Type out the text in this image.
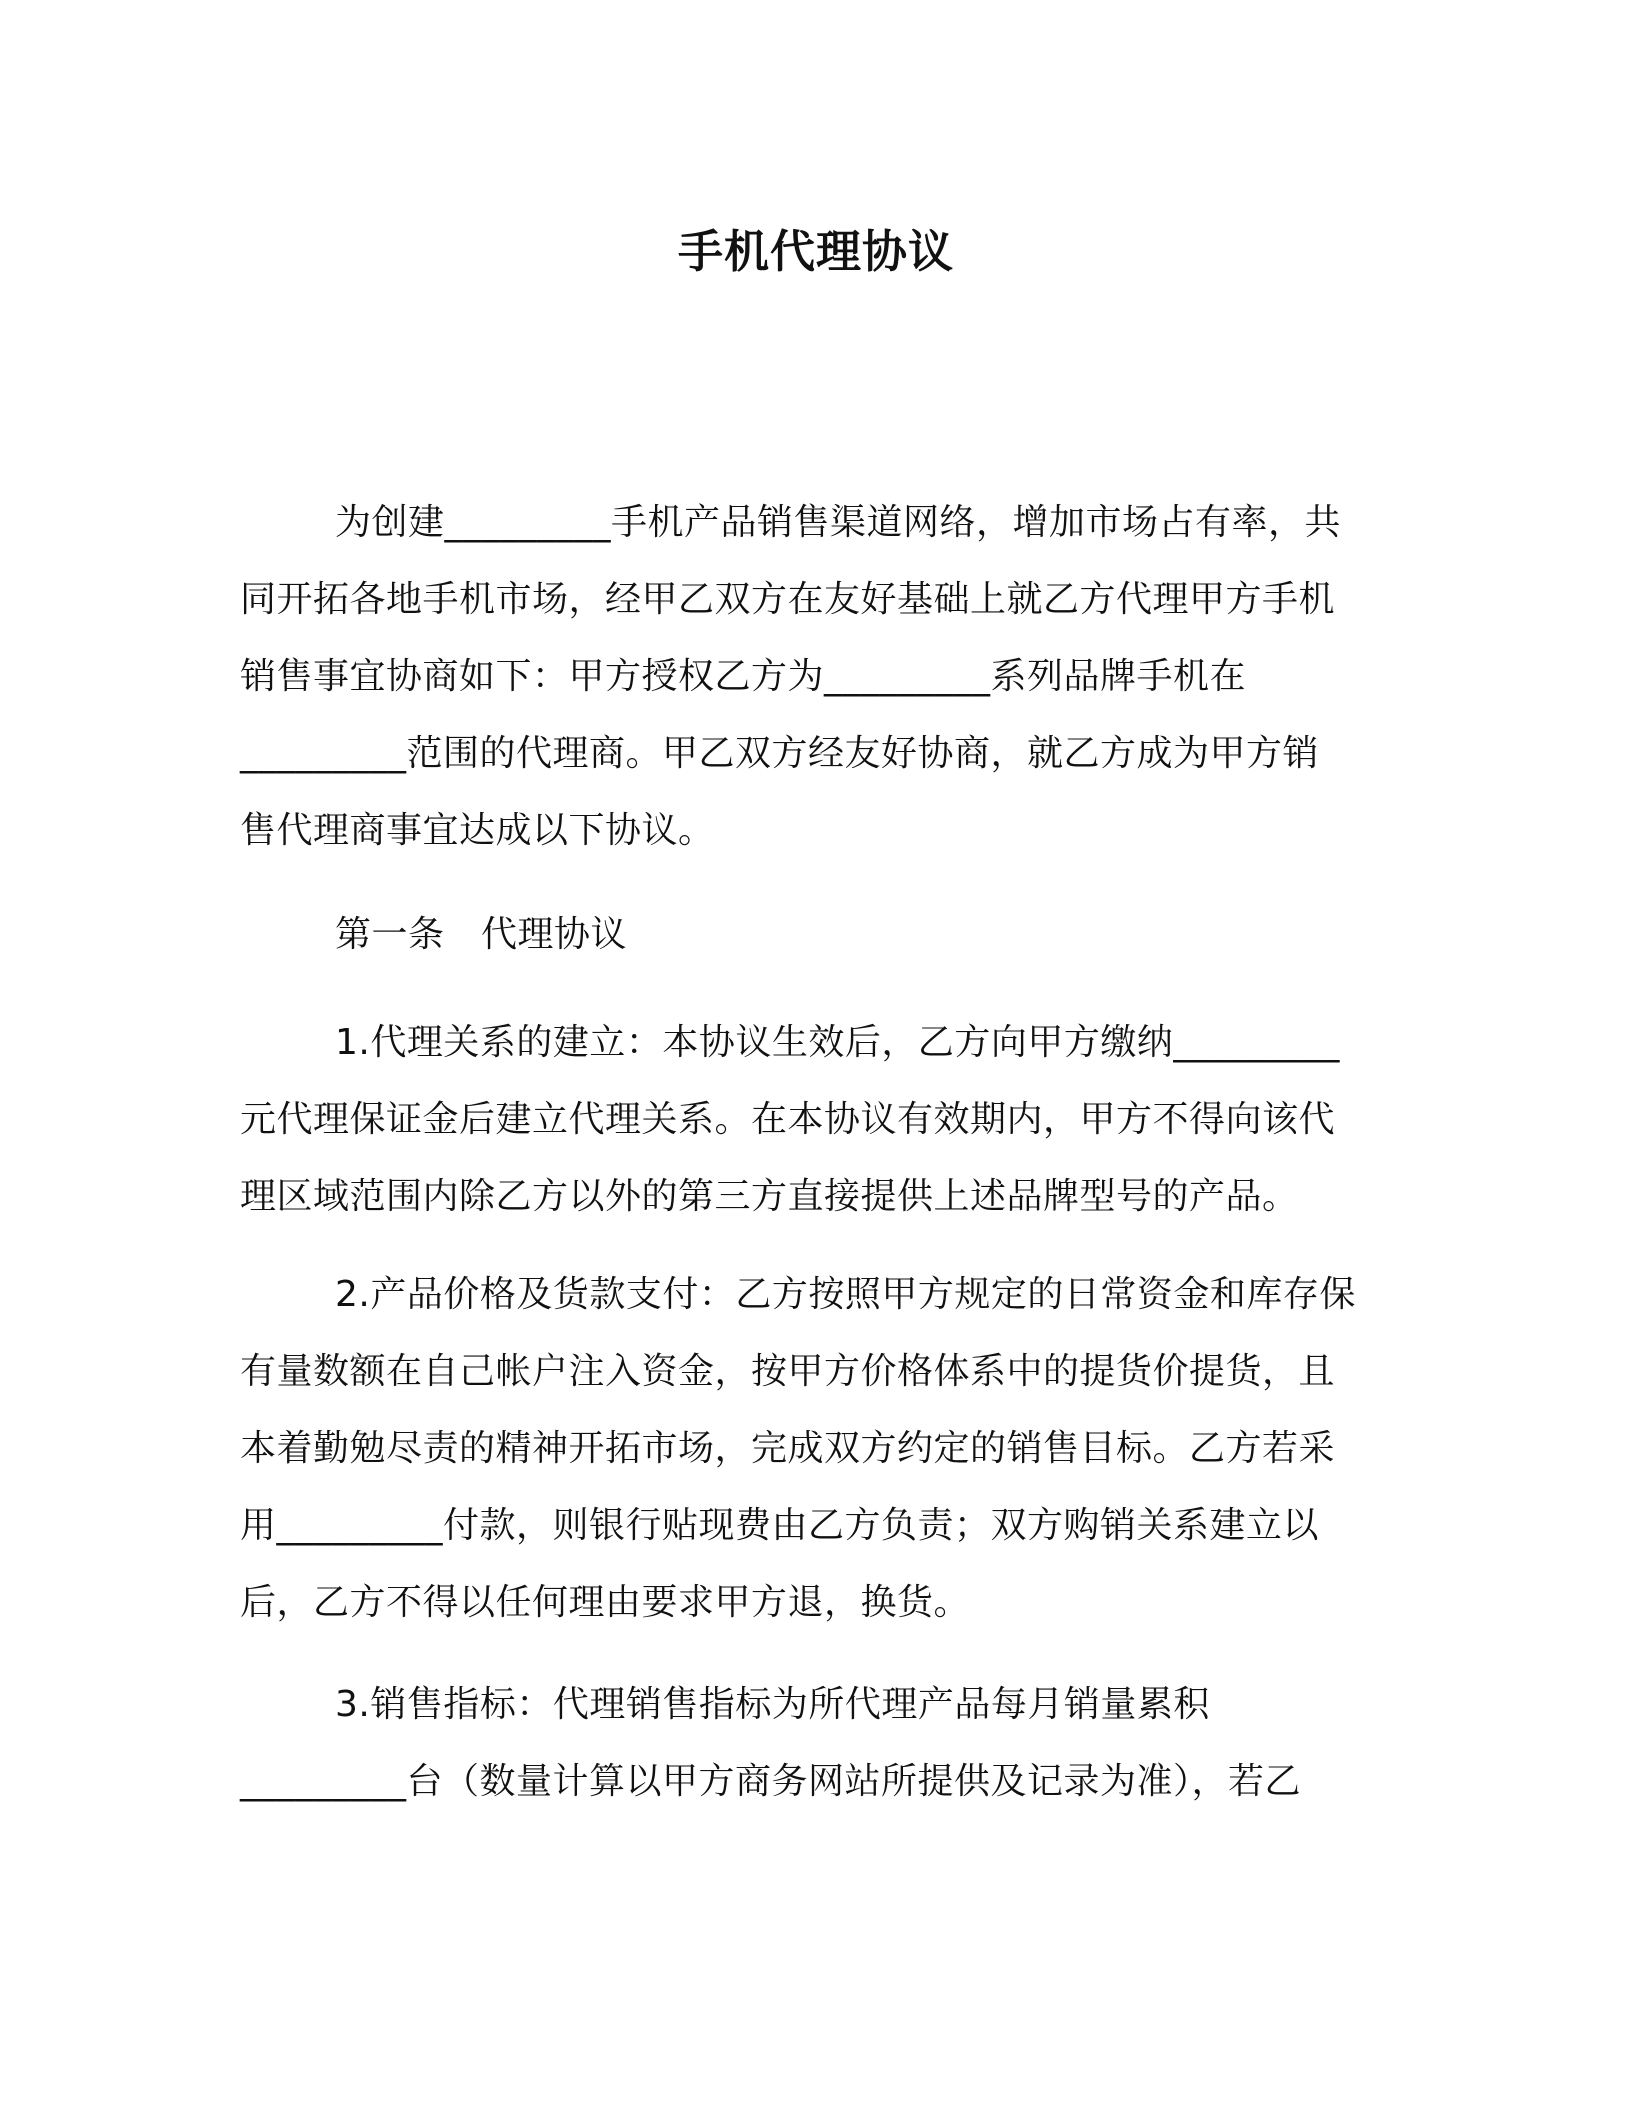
手机代理协议
为创建_________手机产品销售渠道网络，增加市场占有率，共
同开拓各地手机市场，经甲乙双方在友好基础上就乙方代理甲方手机
销售事宜协商如下：甲方授权乙方为_________系列品牌手机在
_________范围的代理商。甲乙双方经友好协商，就乙方成为甲方销
售代理商事宜达成以下协议。
第一条　代理协议
1.代理关系的建立：本协议生效后，乙方向甲方缴纳_________
元代理保证金后建立代理关系。在本协议有效期内，甲方不得向该代
理区域范围内除乙方以外的第三方直接提供上述品牌型号的产品。
2.产品价格及货款支付：乙方按照甲方规定的日常资金和库存保
有量数额在自己帐户注入资金，按甲方价格体系中的提货价提货，且
本着勤勉尽责的精神开拓市场，完成双方约定的销售目标。乙方若采
用_________付款，则银行贴现费由乙方负责；双方购销关系建立以
后，乙方不得以任何理由要求甲方退，换货。
3.销售指标：代理销售指标为所代理产品每月销量累积
_________台（数量计算以甲方商务网站所提供及记录为准），若乙
